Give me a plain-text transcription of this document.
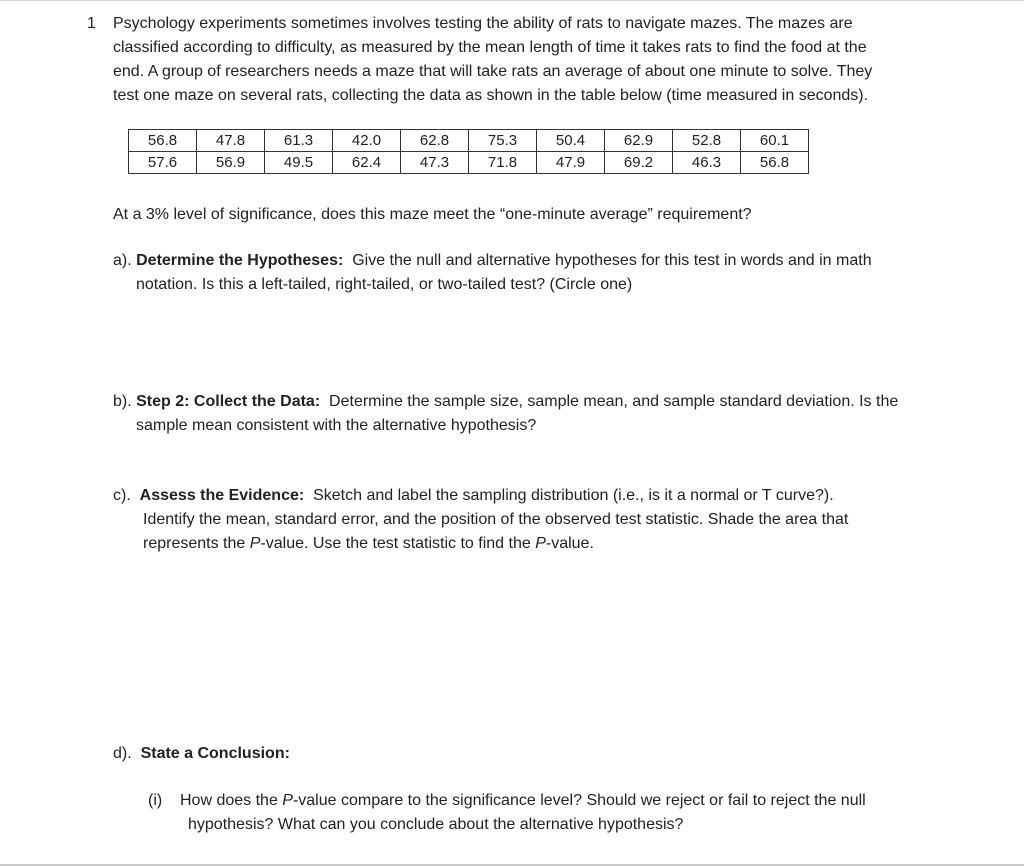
1 Psychology experiments sometimes involves testing the ability of rats to navigate mazes. The mazes are
classified according to difficulty, as measured by the mean length of time it takes rats to find the food at the
end. A group of researchers needs a maze that will take rats an average of about one minute to solve. They
test one maze on several rats, collecting the data as shown in the table below (time measured in seconds).
56.8	47.8	61.3	42.0	62.8	75.3	50.4	62.9	52.8	60.1
57.6	56.9	49.5	62.4	47.3	71.8	47.9	69.2	46.3	56.8
At a 3% level of significance, does this maze meet the “one-minute average” requirement?
a). Determine the Hypotheses: Give the null and alternative hypotheses for this test in words and in math
notation. Is this a left-tailed, right-tailed, or two-tailed test? (Circle one)
b). Step 2: Collect the Data: Determine the sample size, sample mean, and sample standard deviation. Is the
sample mean consistent with the alternative hypothesis?
c). Assess the Evidence: Sketch and label the sampling distribution (i.e., is it a normal or T curve?).
Identify the mean, standard error, and the position of the observed test statistic. Shade the area that
represents the P-value. Use the test statistic to find the P-value.
d). State a Conclusion:
(i) How does the P-value compare to the significance level? Should we reject or fail to reject the null
hypothesis? What can you conclude about the alternative hypothesis?
